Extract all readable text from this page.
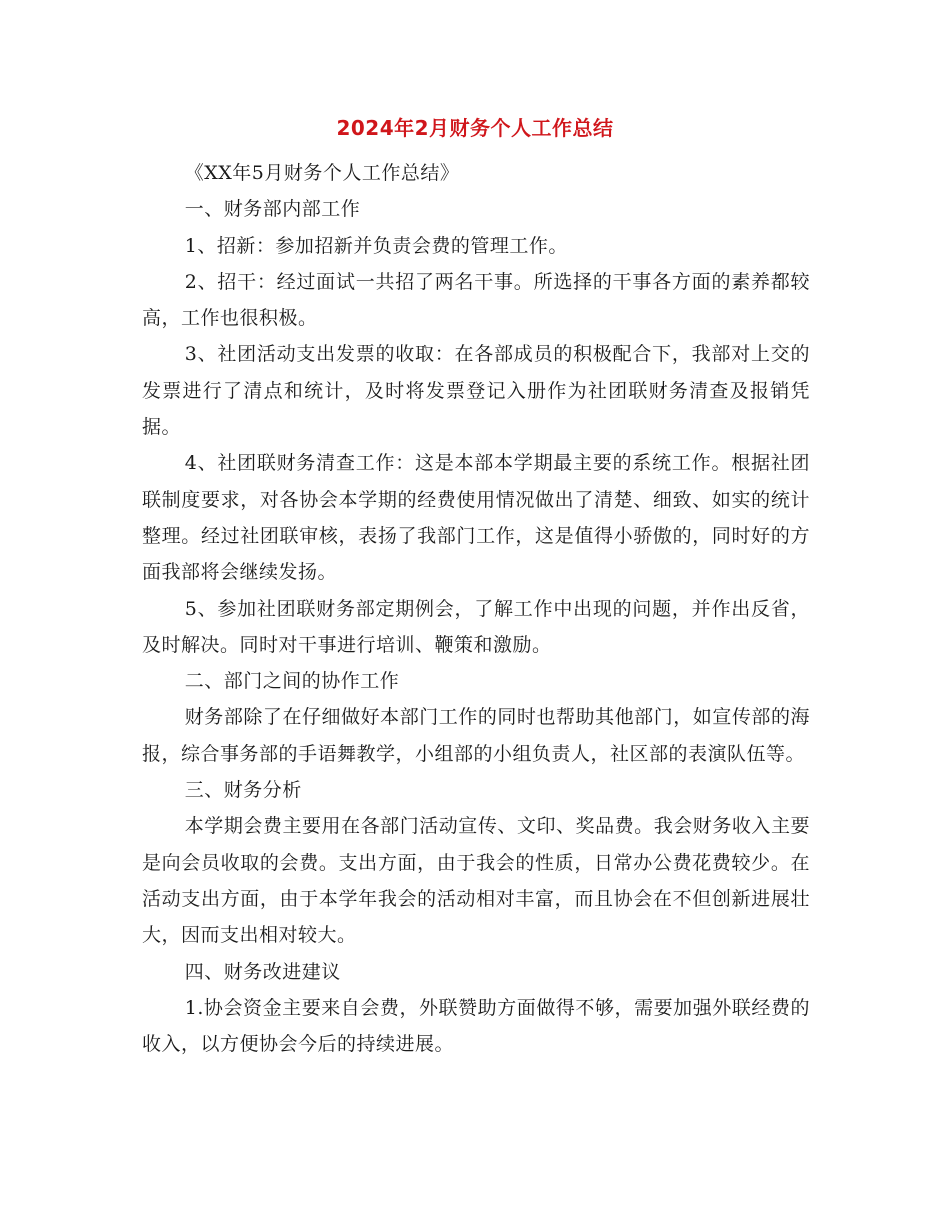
2024年2月财务个人工作总结

《XX年5月财务个人工作总结》

一、财务部内部工作

1、招新：参加招新并负责会费的管理工作。

2、招干：经过面试一共招了两名干事。所选择的干事各方面的素养都较高，工作也很积极。

3、社团活动支出发票的收取：在各部成员的积极配合下，我部对上交的发票进行了清点和统计，及时将发票登记入册作为社团联财务清查及报销凭据。

4、社团联财务清查工作：这是本部本学期最主要的系统工作。根据社团联制度要求，对各协会本学期的经费使用情况做出了清楚、细致、如实的统计整理。经过社团联审核，表扬了我部门工作，这是值得小骄傲的，同时好的方面我部将会继续发扬。

5、参加社团联财务部定期例会，了解工作中出现的问题，并作出反省，及时解决。同时对干事进行培训、鞭策和激励。

二、部门之间的协作工作

财务部除了在仔细做好本部门工作的同时也帮助其他部门，如宣传部的海报，综合事务部的手语舞教学，小组部的小组负责人，社区部的表演队伍等。

三、财务分析

本学期会费主要用在各部门活动宣传、文印、奖品费。我会财务收入主要是向会员收取的会费。支出方面，由于我会的性质，日常办公费花费较少。在活动支出方面，由于本学年我会的活动相对丰富，而且协会在不但创新进展壮大，因而支出相对较大。

四、财务改进建议

1.协会资金主要来自会费，外联赞助方面做得不够，需要加强外联经费的收入，以方便协会今后的持续进展。
